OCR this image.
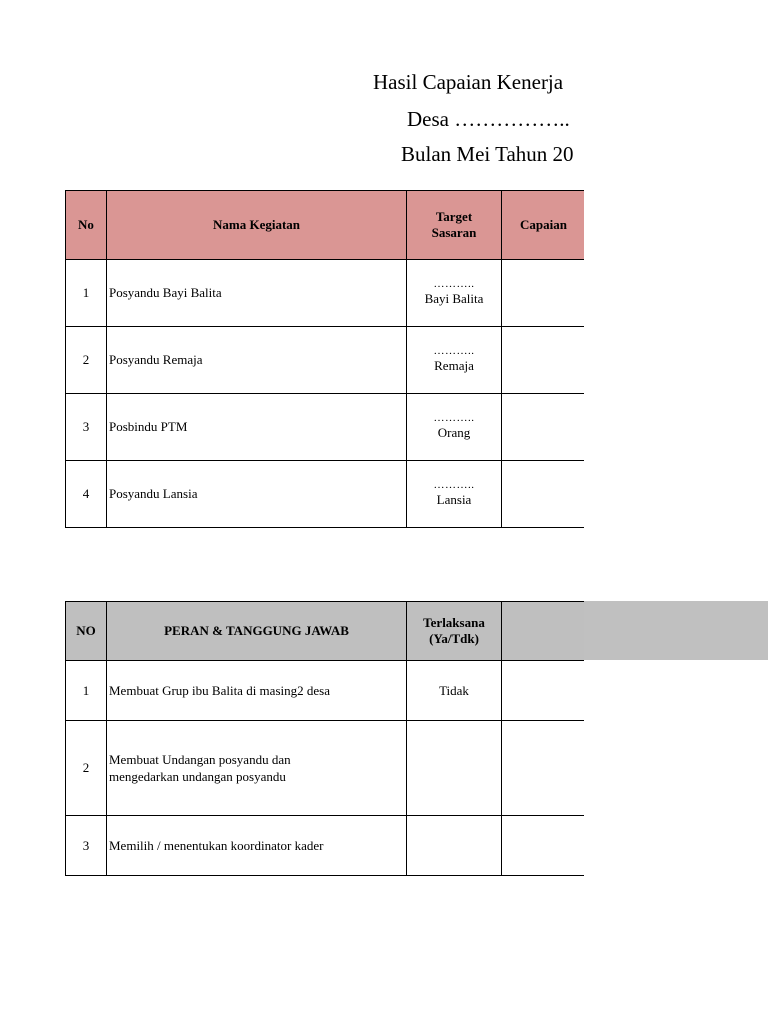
Hasil Capaian Kenerja
Desa ……………..
Bulan Mei Tahun 20
No	Nama Kegiatan	Target Sasaran	Capaian
1	Posyandu Bayi Balita	………..
Bayi Balita	

2	Posyandu Remaja	………..
Remaja	

3	Posbindu PTM	………..
Orang	

4	Posyandu Lansia	………..
Lansia	

NO	PERAN & TANGGUNG JAWAB	Terlaksana (Ya/Tdk)	
1	Membuat Grup ibu Balita di masing2 desa	Tidak	
2	Membuat Undangan posyandu dan mengedarkan undangan posyandu		
3	Memilih / menentukan koordinator kader		
